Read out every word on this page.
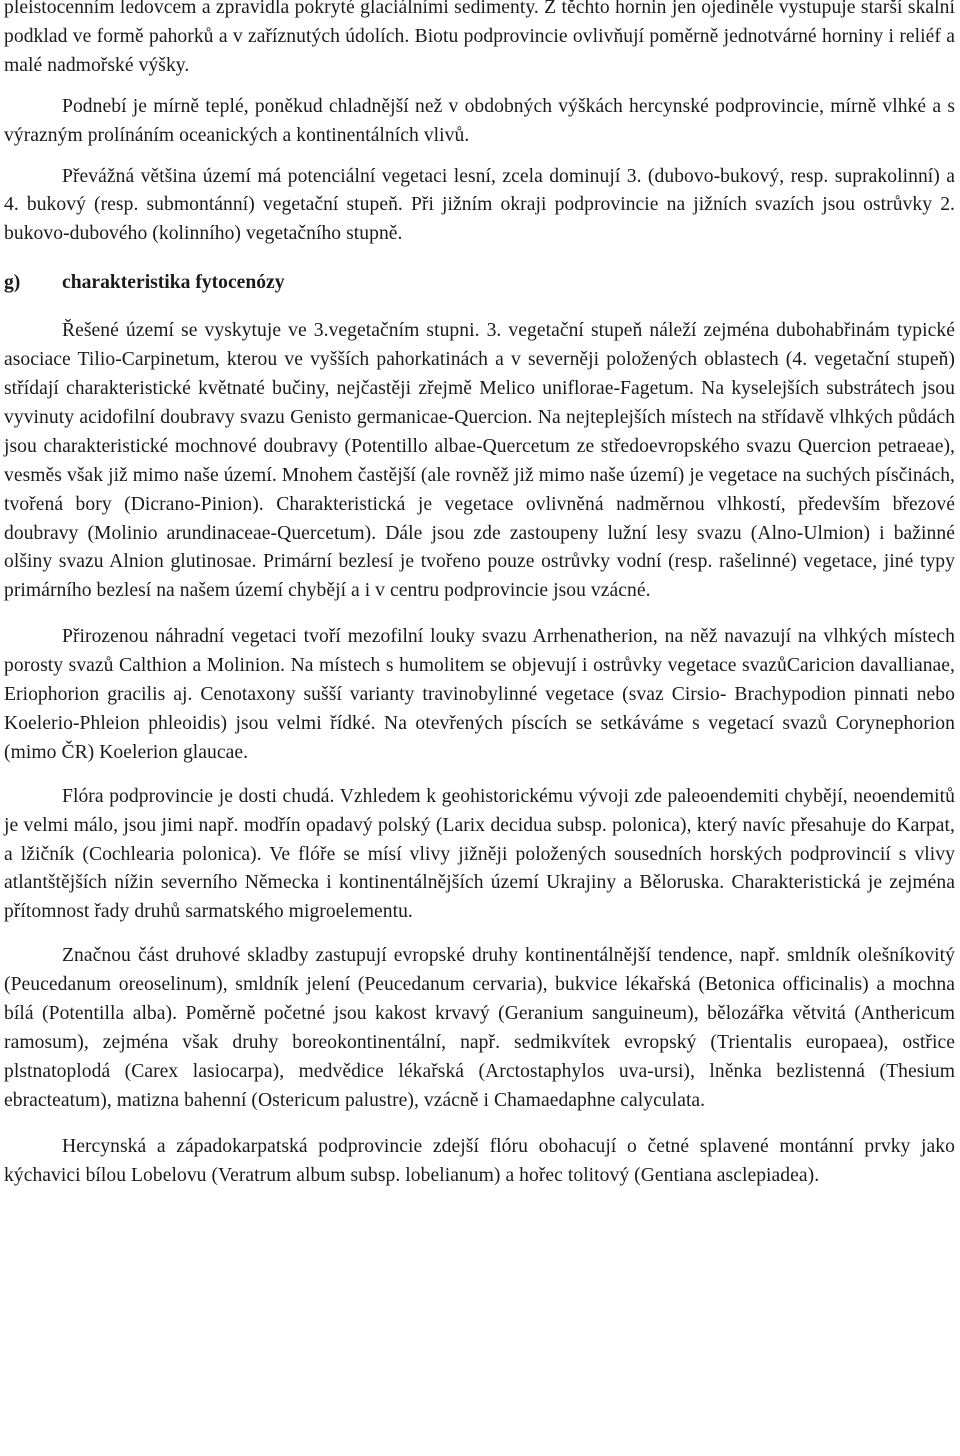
pleistocenním ledovcem a zpravidla pokryté glaciálními sedimenty. Z těchto hornin jen ojediněle vystupuje starší skalní podklad ve formě pahorků a v zaříznutých údolích. Biotu podprovincie ovlivňují poměrně jednotvárné horniny i reliéf a malé nadmořské výšky.

Podnebí je mírně teplé, poněkud chladnější než v obdobných výškách hercynské podprovincie, mírně vlhké a s výrazným prolínáním oceanických a kontinentálních vlivů.

Převážná většina území má potenciální vegetaci lesní, zcela dominují 3. (dubovo-bukový, resp. suprakolinní) a 4. bukový (resp. submontánní) vegetační stupeň. Při jižním okraji podprovincie na jižních svazích jsou ostrůvky 2. bukovo-dubového (kolinního) vegetačního stupně.

g)	charakteristika fytocenózy

Řešené území se vyskytuje ve 3.vegetačním stupni. 3. vegetační stupeň náleží zejména dubohabřinám typické asociace Tilio-Carpinetum, kterou ve vyšších pahorkatinách a v severněji položených oblastech (4. vegetační stupeň) střídají charakteristické květnaté bučiny, nejčastěji zřejmě Melico uniflorae-Fagetum. Na kyselejších substrátech jsou vyvinuty acidofilní doubravy svazu Genisto germanicae-Quercion. Na nejteplejších místech na střídavě vlhkých půdách jsou charakteristické mochnové doubravy (Potentillo albae-Quercetum ze středoevropského svazu Quercion petraeae), vesměs však již mimo naše území. Mnohem častější (ale rovněž již mimo naše území) je vegetace na suchých písčinách, tvořená bory (Dicrano-Pinion). Charakteristická je vegetace ovlivněná nadměrnou vlhkostí, především březové doubravy (Molinio arundinaceae-Quercetum). Dále jsou zde zastoupeny lužní lesy svazu (Alno-Ulmion) i bažinné olšiny svazu Alnion glutinosae. Primární bezlesí je tvořeno pouze ostrůvky vodní (resp. rašelinné) vegetace, jiné typy primárního bezlesí na našem území chybějí a i v centru podprovincie jsou vzácné.

Přirozenou náhradní vegetaci tvoří mezofilní louky svazu Arrhenatherion, na něž navazují na vlhkých místech porosty svazů Calthion a Molinion. Na místech s humolitem se objevují i ostrůvky vegetace svazůCaricion davallianae, Eriophorion gracilis aj. Cenotaxony sušší variantу travinobylinné vegetace (svaz Cirsio- Brachypodion pinnati nebo Koelerio-Phleion phleoidis) jsou velmi řídké. Na otevřených píscích se setkáváme s vegetací svazů Corynephorion (mimo ČR) Koelerion glaucae.

Flóra podprovincie je dosti chudá. Vzhledem k geohistorickému vývoji zde paleoendemiti chybějí, neoendemitů je velmi málo, jsou jimi např. modřín opadavý polský (Larix decidua subsp. polonica), který navíc přesahuje do Karpat, a lžičník (Cochlearia polonica). Ve flóře se mísí vlivy jižněji položených sousedních horských podprovincií s vlivy atlantštějších nížin severního Německa i kontinentálnějších území Ukrajiny a Běloruska. Charakteristická je zejména přítomnost řady druhů sarmatského migroelementu.

Značnou část druhové skladby zastupují evropské druhy kontinentálnější tendence, např. smldník olešníkovitý (Peucedanum oreoselinum), smldník jelení (Peucedanum cervaria), bukvice lékařská (Betonica officinalis) a mochna bílá (Potentilla alba). Poměrně početné jsou kakost krvavý (Geranium sanguineum), bělozářka větvitá (Anthericum ramosum), zejména však druhy boreokontinentální, např. sedmikvítek evropský (Trientalis europaea), ostřice plstnatoplodá (Carex lasiocarpa), medvědice lékařská (Arctostaphylos uva-ursi), lněnka bezlistenná (Thesium ebracteatum), matizna bahenní (Ostericum palustre), vzácně i Chamaedaphne calyculata.

Hercynská a západokarpatská podprovincie zdejší flóru obohacují o četné splavené montánní prvky jako kýchavici bílou Lobelovu (Veratrum album subsp. lobelianum) a hořec tolitový (Gentiana asclepiadea).
